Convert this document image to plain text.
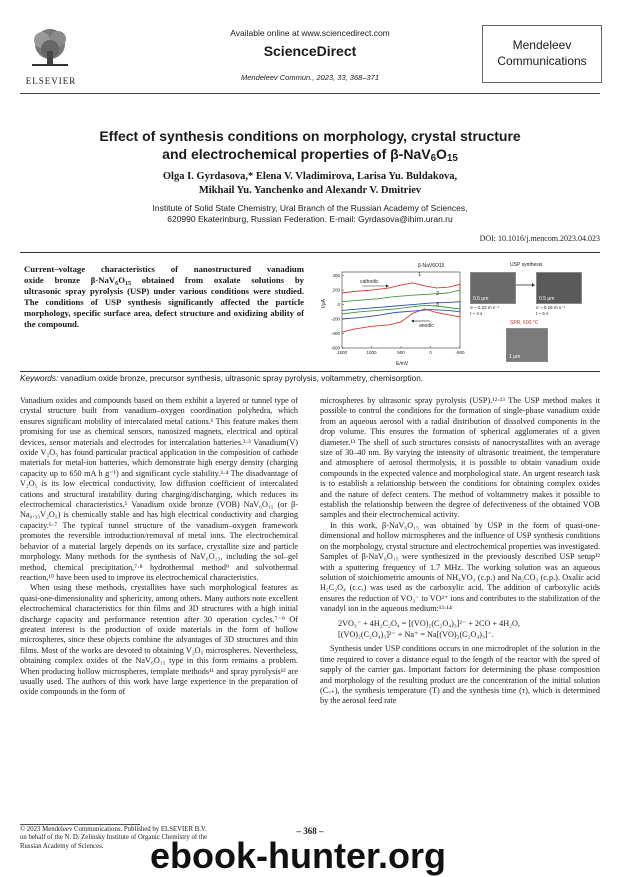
ELSEVIER
Available online at www.sciencedirect.com
ScienceDirect
Mendeleev Commun., 2023, 33, 368–371
Mendeleev
Communications
Effect of synthesis conditions on morphology, crystal structure
and electrochemical properties of $\beta-NaV_6O_{15}$
Olga I. Gyrdasova,* Elena V. Vladimirova, Larisa Yu. Buldakova,
Mikhail Yu. Yanchenko and Alexandr V. Dmitriev
Institute of Solid State Chemistry, Ural Branch of the Russian Academy of Sciences,
620990 Ekaterinburg, Russian Federation. E-mail: Gyrdasova@ihim.uran.ru
DOI: 10.1016/j.mencom.2023.04.023
Current–voltage characteristics of nanostructured vanadium
oxide bronze $\beta-NaV_6O_{15}$ obtained from oxalate solutions by
ultrasonic spray pyrolysis (USP) under various conditions were studied. The conditions of USP synthesis significantly affected the particle morphology, specific surface area, defect structure and oxidizing ability of the compound.
1500	1000	500	0	-500
400
200
0
-200
-400
-600
β-NaV6O15
cathodic
anodic
1
2
3
I/μA
E/mV
USP synthesis
0.5 μm	0.5 μm
σ ~ 0.23 m s⁻¹
t ~ 4 s
σ ~ 0.16 m s⁻¹
t ~ 6 s
SPR, 600 °C
1 μm
Keywords: vanadium oxide bronze, precursor synthesis, ultrasonic spray pyrolysis, voltammetry, chemisorption.

Vanadium oxides and compounds based on them exhibit a layered or tunnel type of crystal structure built from vanadium–oxygen coordination polyhedra, which ensures significant mobility of intercalated metal cations.¹ This feature makes them promising for use as chemical sensors, nanosized magnets, electrical and optical devices, sensor materials and electrodes for intercalation batteries.²·³ Vanadium(V) oxide V₂O₅ has found particular practical application in the composition of cathode materials for metal-ion batteries, which demonstrate high energy density (charging capacity up to 650 mA h g⁻¹) and significant cycle stability.³·⁴ The disadvantage of V₂O₅ is its low electrical conductivity, low diffusion coefficient of intercalated cations and structural instability during charging/discharging, which reduces its electrochemical characteristics.⁵ Vanadium oxide bronze (VOB) NaV₆O₁₅ (or β-Na₀.₃₃V₂O₅) is chemically stable and has high electrical conductivity and charging capacity.⁶·⁷ The typical tunnel structure of the vanadium–oxygen framework promotes the reversible introduction/removal of metal ions. The electrochemical behavior of a material largely depends on its surface, crystallite size and particle morphology. Many methods for the synthesis of NaV₆O₁₅, including the sol–gel method, chemical precipitation,⁷·⁸ hydrothermal method⁹ and solvothermal reaction,¹⁰ have been used to improve its electrochemical characteristics.

When using these methods, crystallites have such morphological features as quasi-one-dimensionality and sphericity, among others. Many authors note excellent electrochemical characteristics for thin films and 3D structures with a high initial discharge capacity and performance retention after 30 operation cycles.⁷⁻⁹ Of greatest interest is the production of oxide materials in the form of hollow microspheres, since these objects combine the advantages of 3D structures and thin films. Most of the works are devoted to obtaining V₂O₅ microspheres. Nevertheless, obtaining complex oxides of the NaV₆O₁₅ type in this form remains a problem. When producing hollow microspheres, template methods¹¹ and spray pyrolysis¹² are usually used. The authors of this work have large experience in the preparation of oxide compounds in the form of

microspheres by ultrasonic spray pyrolysis (USP).¹²·¹³ The USP method makes it possible to control the conditions for the formation of single-phase vanadium oxide from an aqueous aerosol with a radial distribution of dissolved components in the drop volume. This ensures the formation of spherical agglomerates of a given diameter.¹³ The shell of such structures consists of nanocrystallites with an average size of 30–40 nm. By varying the intensity of ultrasonic treatment, the temperature and atmosphere of aerosol thermolysis, it is possible to obtain vanadium oxide compounds in the expected valence and morphological state. An urgent research task is to establish a relationship between the conditions for obtaining complex oxides and the nature of defect centers. The method of voltammetry makes it possible to establish the relationship between the degree of defectiveness of the obtained VOB samples and their electrochemical activity.

In this work, β-NaV₆O₁₅ was obtained by USP in the form of quasi-one-dimensional and hollow microspheres and the influence of USP synthesis conditions on the morphology, crystal structure and electrochemical properties was investigated. Samples of β-NaV₆O₁₅ were synthesized in the previously described USP setup¹² with a sputtering frequency of 1.7 MHz. The working solution was an aqueous solution of stoichiometric amounts of NH₄VO₃ (c.p.) and Na₂CO₃ (c.p.). Oxalic acid H₂C₂O₄ (c.c.) was used as the carboxylic acid. The addition of carboxylic acids ensures the reduction of VO₃⁻ to VO²⁺ ions and contributes to the stabilization of the vanadyl ion in the aqueous medium:¹³·¹⁴

2VO₃⁻ + 4H₂C₂O₄ = [(VO)₂(C₂O₄)₃]²⁻ + 2CO + 4H₂O,
[(VO)₂(C₂O₄)₃]²⁻ + Na⁺ = Na[(VO)₂(C₂O₄)₃]⁻.

Synthesis under USP conditions occurs in one microdroplet of the solution in the time required to cover a distance equal to the length of the reactor with the speed of supply of the carrier gas. Important factors for determining the phase composition and morphology of the resulting product are the concentration of the initial solution (Cᵥ₊), the synthesis temperature (T) and the synthesis time (τ), which is determined by the aerosol feed rate

© 2023 Mendeleev Communications. Published by ELSEVIER B.V.
on behalf of the N. D. Zelinsky Institute of Organic Chemistry of the
Russian Academy of Sciences.
– 368 –
ebook-hunter.org
